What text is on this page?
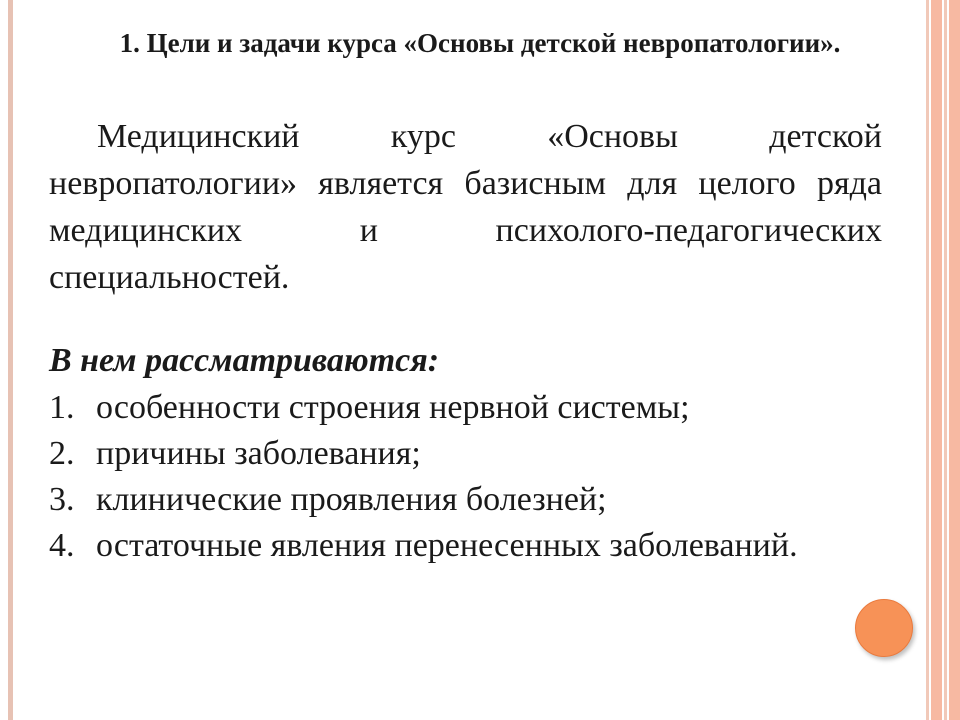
1. Цели и задачи курса «Основы детской невропатологии».

Медицинский курс «Основы детской невропатологии» является базисным для целого ряда медицинских и психолого-педагогических специальностей.

В нем рассматриваются:

1. особенности строения нервной системы;
2. причины заболевания;
3. клинические проявления болезней;
4. остаточные явления перенесенных заболеваний.
